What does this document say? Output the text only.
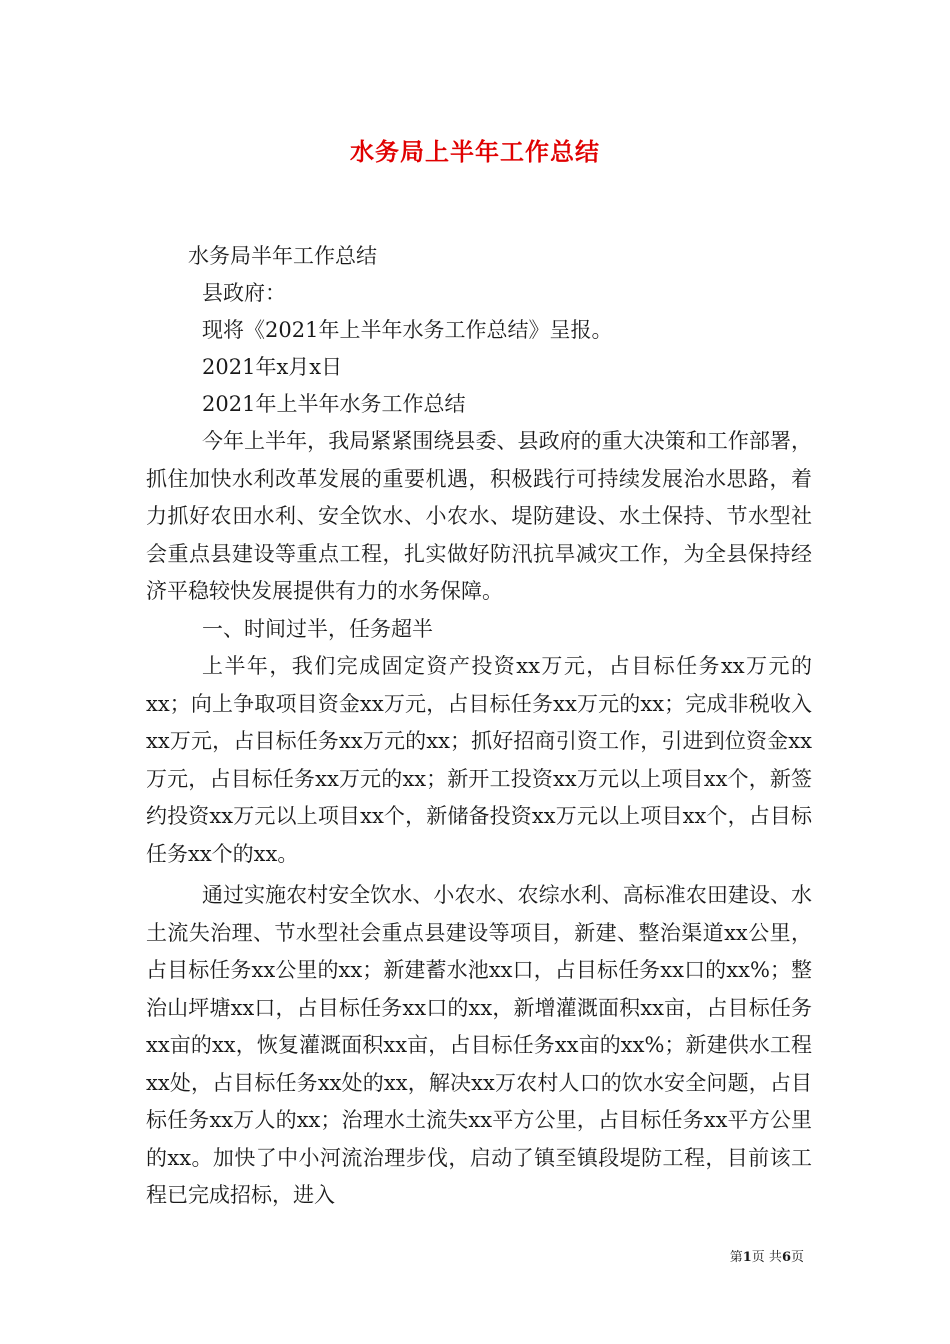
水务局上半年工作总结
水务局半年工作总结
县政府：
现将《2021年上半年水务工作总结》呈报。
2021年x月x日
2021年上半年水务工作总结

今年上半年，我局紧紧围绕县委、县政府的重大决策和工作部署，抓住加快水利改革发展的重要机遇，积极践行可持续发展治水思路，着力抓好农田水利、安全饮水、小农水、堤防建设、水土保持、节水型社会重点县建设等重点工程，扎实做好防汛抗旱减灾工作，为全县保持经济平稳较快发展提供有力的水务保障。

一、时间过半，任务超半

上半年，我们完成固定资产投资xx万元，占目标任务xx万元的xx；向上争取项目资金xx万元，占目标任务xx万元的xx；完成非税收入xx万元，占目标任务xx万元的xx；抓好招商引资工作，引进到位资金xx万元，占目标任务xx万元的xx；新开工投资xx万元以上项目xx个，新签约投资xx万元以上项目xx个，新储备投资xx万元以上项目xx个，占目标任务xx个的xx。

通过实施农村安全饮水、小农水、农综水利、高标准农田建设、水土流失治理、节水型社会重点县建设等项目，新建、整治渠道xx公里，占目标任务xx公里的xx；新建蓄水池xx口，占目标任务xx口的xx%；整治山坪塘xx口，占目标任务xx口的xx，新增灌溉面积xx亩，占目标任务xx亩的xx，恢复灌溉面积xx亩，占目标任务xx亩的xx%；新建供水工程xx处，占目标任务xx处的xx，解决xx万农村人口的饮水安全问题，占目标任务xx万人的xx；治理水土流失xx平方公里，占目标任务xx平方公里的xx。加快了中小河流治理步伐，启动了镇至镇段堤防工程，目前该工程已完成招标，进入

第1页 共6页
